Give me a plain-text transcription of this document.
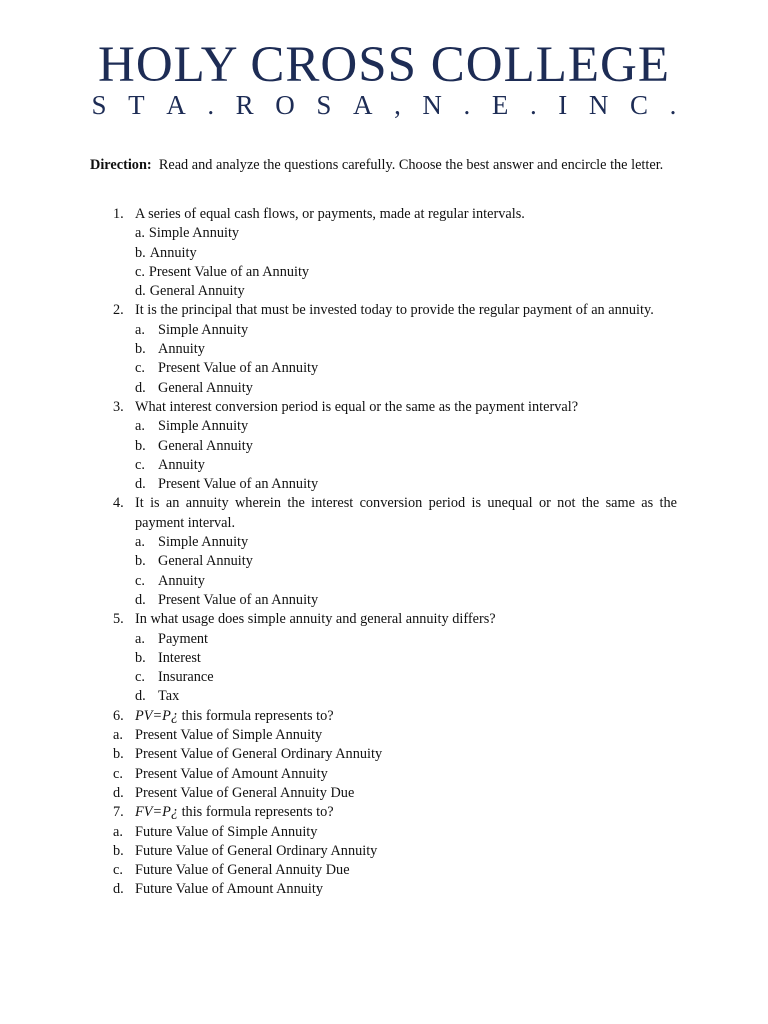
HOLY CROSS COLLEGE
S T A . R O S A , N . E . I N C .
Direction: Read and analyze the questions carefully. Choose the best answer and encircle the letter.
1. A series of equal cash flows, or payments, made at regular intervals.
a. Simple Annuity
b. Annuity
c. Present Value of an Annuity
d. General Annuity
2. It is the principal that must be invested today to provide the regular payment of an annuity.
a. Simple Annuity
b. Annuity
c. Present Value of an Annuity
d. General Annuity
3. What interest conversion period is equal or the same as the payment interval?
a. Simple Annuity
b. General Annuity
c. Annuity
d. Present Value of an Annuity
4. It is an annuity wherein the interest conversion period is unequal or not the same as the payment interval.
a. Simple Annuity
b. General Annuity
c. Annuity
d. Present Value of an Annuity
5. In what usage does simple annuity and general annuity differs?
a. Payment
b. Interest
c. Insurance
d. Tax
6. PV=P¿ this formula represents to?
a. Present Value of Simple Annuity
b. Present Value of General Ordinary Annuity
c. Present Value of Amount Annuity
d. Present Value of General Annuity Due
7. FV=P¿ this formula represents to?
a. Future Value of Simple Annuity
b. Future Value of General Ordinary Annuity
c. Future Value of General Annuity Due
d. Future Value of Amount Annuity
